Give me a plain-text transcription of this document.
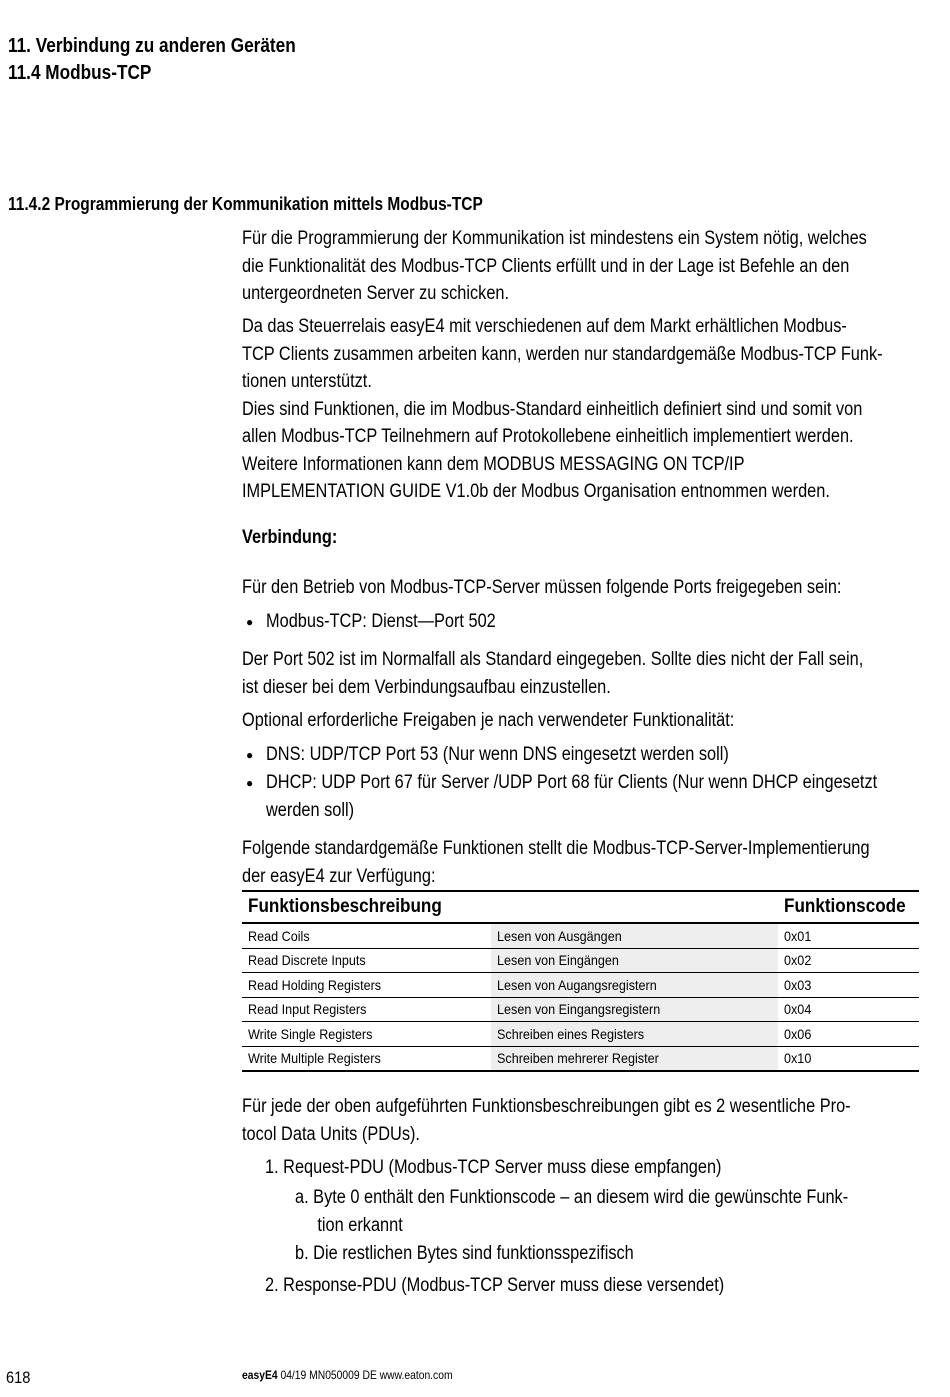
11. Verbindung zu anderen Geräten
11.4 Modbus-TCP
11.4.2 Programmierung der Kommunikation mittels Modbus-TCP
Für die Programmierung der Kommunikation ist mindestens ein System nötig, welches
die Funktionalität des Modbus-TCP Clients erfüllt und in der Lage ist Befehle an den
untergeordneten Server zu schicken.
Da das Steuerrelais easyE4 mit verschiedenen auf dem Markt erhältlichen Modbus-
TCP Clients zusammen arbeiten kann, werden nur standardgemäße Modbus-TCP Funk-
tionen unterstützt.
Dies sind Funktionen, die im Modbus-Standard einheitlich definiert sind und somit von
allen Modbus-TCP Teilnehmern auf Protokollebene einheitlich implementiert werden.
Weitere Informationen kann dem MODBUS MESSAGING ON TCP/IP
IMPLEMENTATION GUIDE V1.0b der Modbus Organisation entnommen werden.
Verbindung:
Für den Betrieb von Modbus-TCP-Server müssen folgende Ports freigegeben sein:
● Modbus-TCP: Dienst—Port 502
Der Port 502 ist im Normalfall als Standard eingegeben. Sollte dies nicht der Fall sein,
ist dieser bei dem Verbindungsaufbau einzustellen.
Optional erforderliche Freigaben je nach verwendeter Funktionalität:
● DNS: UDP/TCP Port 53 (Nur wenn DNS eingesetzt werden soll)
● DHCP: UDP Port 67 für Server /UDP Port 68 für Clients (Nur wenn DHCP eingesetzt
werden soll)
Folgende standardgemäße Funktionen stellt die Modbus-TCP-Server-Implementierung
der easyE4 zur Verfügung:
Funktionsbeschreibung		Funktionscode
Read Coils	Lesen von Ausgängen	0x01
Read Discrete Inputs	Lesen von Eingängen	0x02
Read Holding Registers	Lesen von Augangsregistern	0x03
Read Input Registers	Lesen von Eingangsregistern	0x04
Write Single Registers	Schreiben eines Registers	0x06
Write Multiple Registers	Schreiben mehrerer Register	0x10
Für jede der oben aufgeführten Funktionsbeschreibungen gibt es 2 wesentliche Pro-
tocol Data Units (PDUs).
1. Request-PDU (Modbus-TCP Server muss diese empfangen)
a. Byte 0 enthält den Funktionscode – an diesem wird die gewünschte Funk-
tion erkannt
b. Die restlichen Bytes sind funktionsspezifisch
2. Response-PDU (Modbus-TCP Server muss diese versendet)
618	easyE4 04/19 MN050009 DE www.eaton.com
